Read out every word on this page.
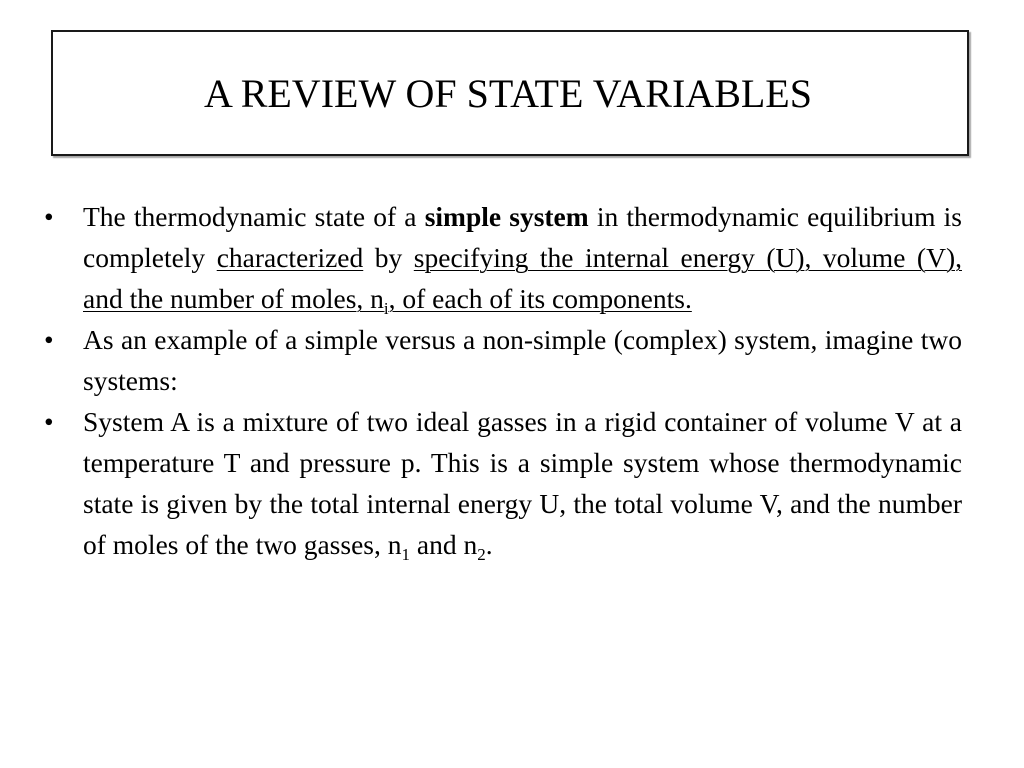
A REVIEW OF STATE VARIABLES
•	The thermodynamic state of a simple system in thermodynamic equilibrium is completely characterized by specifying the internal energy (U), volume (V), and the number of moles, $n_i$, of each of its components.
•	As an example of a simple versus a non-simple (complex) system, imagine two systems:
•	System A is a mixture of two ideal gasses in a rigid container of volume V at a temperature T and pressure p. This is a simple system whose thermodynamic state is given by the total internal energy U, the total volume V, and the number of moles of the two gasses, $n_1$ and $n_2$.
